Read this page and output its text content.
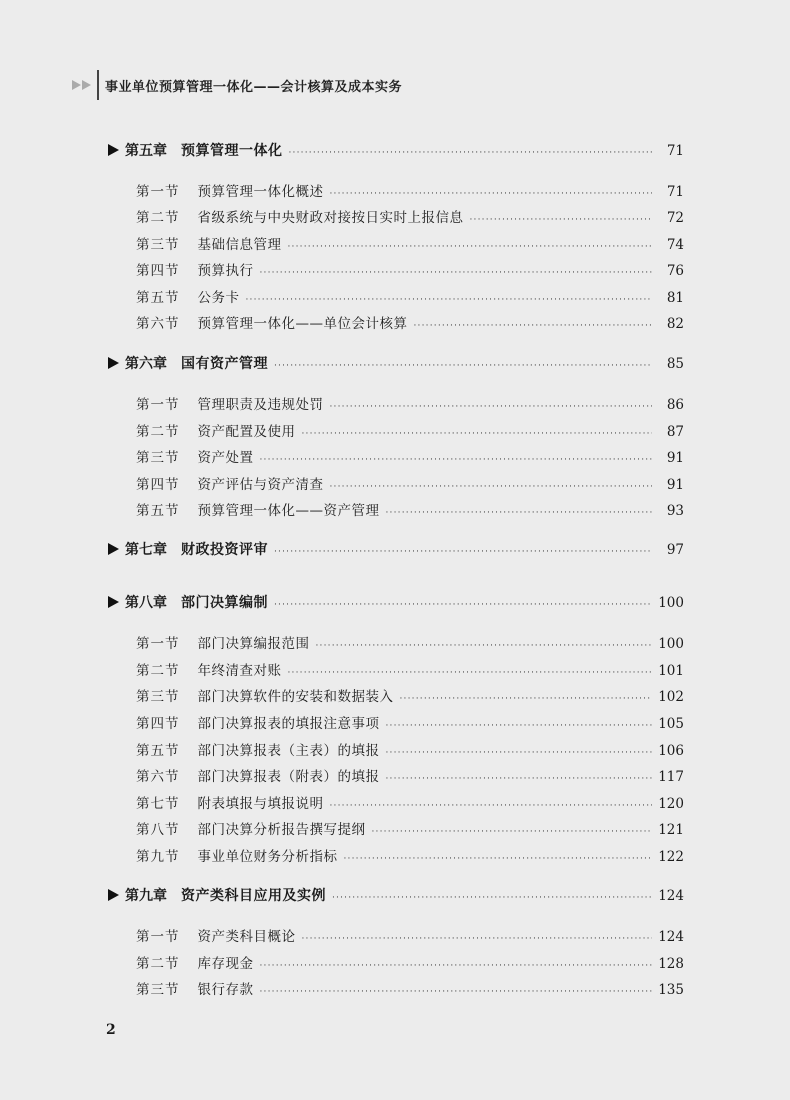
事业单位预算管理一体化——会计核算及成本实务
第五章 预算管理一体化 ·····	71
第一节 预算管理一体化概述 ·····	71
第二节 省级系统与中央财政对接按日实时上报信息 ·····	72
第三节 基础信息管理 ·····	74
第四节 预算执行 ·····	76
第五节 公务卡 ·····	81
第六节 预算管理一体化——单位会计核算 ·····	82
第六章 国有资产管理 ·····	85
第一节 管理职责及违规处罚 ·····	86
第二节 资产配置及使用 ·····	87
第三节 资产处置 ·····	91
第四节 资产评估与资产清查 ·····	91
第五节 预算管理一体化——资产管理 ·····	93
第七章 财政投资评审 ·····	97
第八章 部门决算编制 ·····	100
第一节 部门决算编报范围 ·····	100
第二节 年终清查对账 ·····	101
第三节 部门决算软件的安装和数据装入 ·····	102
第四节 部门决算报表的填报注意事项 ·····	105
第五节 部门决算报表（主表）的填报 ·····	106
第六节 部门决算报表（附表）的填报 ·····	117
第七节 附表填报与填报说明 ·····	120
第八节 部门决算分析报告撰写提纲 ·····	121
第九节 事业单位财务分析指标 ·····	122
第九章 资产类科目应用及实例 ·····	124
第一节 资产类科目概论 ·····	124
第二节 库存现金 ·····	128
第三节 银行存款 ·····	135
2
